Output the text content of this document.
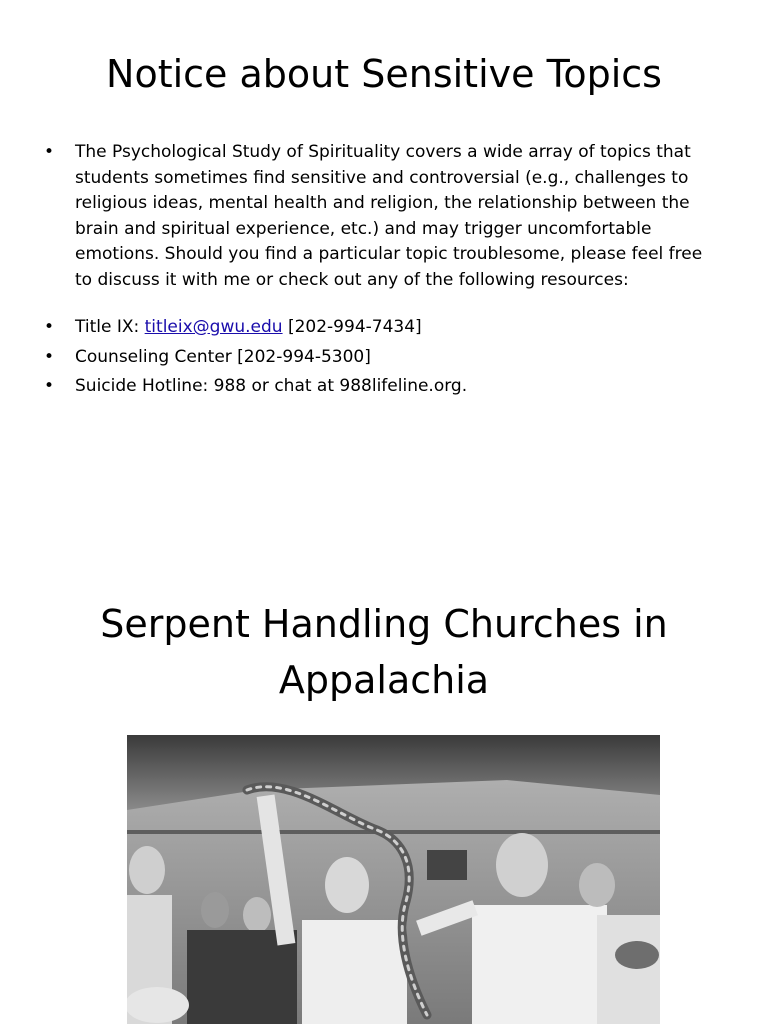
Notice about Sensitive Topics
• The Psychological Study of Spirituality covers a wide array of topics that students sometimes find sensitive and controversial (e.g., challenges to religious ideas, mental health and religion, the relationship between the brain and spiritual experience, etc.) and may trigger uncomfortable emotions. Should you find a particular topic troublesome, please feel free to discuss it with me or check out any of the following resources:
• Title IX: titleix@gwu.edu [202-994-7434]
• Counseling Center [202-994-5300]
• Suicide Hotline: 988 or chat at 988lifeline.org.
Serpent Handling Churches in Appalachia
